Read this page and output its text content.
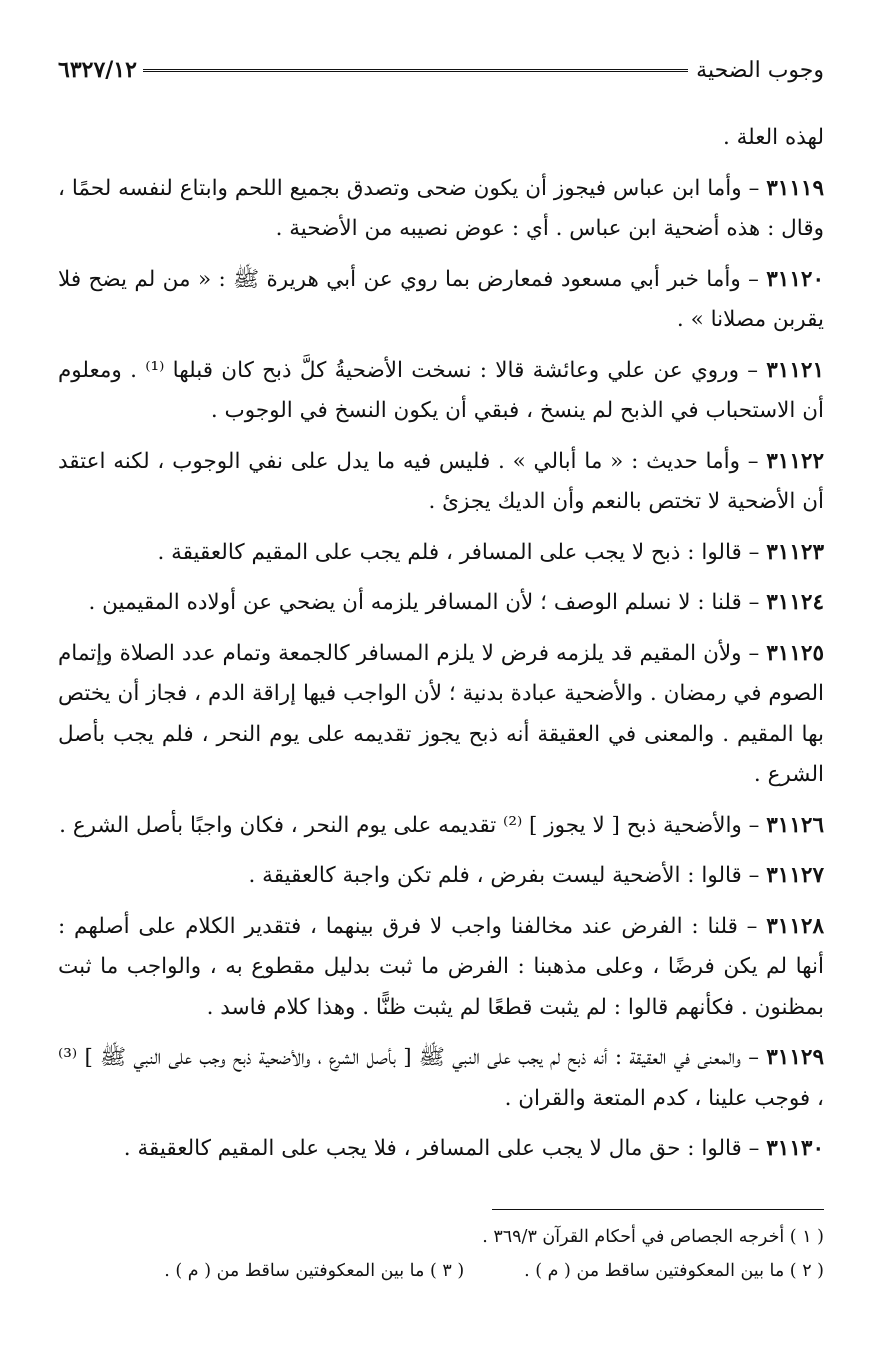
وجوب الضحية
٦٣٢٧/١٢

لهذه العلة .

٣١١١٩ – وأما ابن عباس فيجوز أن يكون ضحى وتصدق بجميع اللحم وابتاع لنفسه لحمًا ، وقال : هذه أضحية ابن عباس . أي : عوض نصيبه من الأضحية .

٣١١٢٠ – وأما خبر أبي مسعود فمعارض بما روي عن أبي هريرة ﷺ : « من لم يضح فلا يقربن مصلانا » .

٣١١٢١ – وروي عن علي وعائشة قالا : نسخت الأضحيةُ كلَّ ذبح كان قبلها ⁽¹⁾ . ومعلوم أن الاستحباب في الذبح لم ينسخ ، فبقي أن يكون النسخ في الوجوب .

٣١١٢٢ – وأما حديث : « ما أبالي » . فليس فيه ما يدل على نفي الوجوب ، لكنه اعتقد أن الأضحية لا تختص بالنعم وأن الديك يجزئ .

٣١١٢٣ – قالوا : ذبح لا يجب على المسافر ، فلم يجب على المقيم كالعقيقة .

٣١١٢٤ – قلنا : لا نسلم الوصف ؛ لأن المسافر يلزمه أن يضحي عن أولاده المقيمين .

٣١١٢٥ – ولأن المقيم قد يلزمه فرض لا يلزم المسافر كالجمعة وتمام عدد الصلاة وإتمام الصوم في رمضان . والأضحية عبادة بدنية ؛ لأن الواجب فيها إراقة الدم ، فجاز أن يختص بها المقيم . والمعنى في العقيقة أنه ذبح يجوز تقديمه على يوم النحر ، فلم يجب بأصل الشرع .

٣١١٢٦ – والأضحية ذبح [ لا يجوز ] ⁽²⁾ تقديمه على يوم النحر ، فكان واجبًا بأصل الشرع .

٣١١٢٧ – قالوا : الأضحية ليست بفرض ، فلم تكن واجبة كالعقيقة .

٣١١٢٨ – قلنا : الفرض عند مخالفنا واجب لا فرق بينهما ، فتقدير الكلام على أصلهم : أنها لم يكن فرضًا ، وعلى مذهبنا : الفرض ما ثبت بدليل مقطوع به ، والواجب ما ثبت بمظنون . فكأنهم قالوا : لم يثبت قطعًا لم يثبت ظنًّا . وهذا كلام فاسد .

٣١١٢٩ – والمعنى في العقيقة : أنه ذبح لم يجب على النبي ﷺ [ بأصل الشرع ، والأضحية ذبح وجب على النبي ﷺ ] ⁽³⁾ ، فوجب علينا ، كدم المتعة والقران .

٣١١٣٠ – قالوا : حق مال لا يجب على المسافر ، فلا يجب على المقيم كالعقيقة .

( ١ ) أخرجه الجصاص في أحكام القرآن ٣٦٩/٣ .
( ٢ ) ما بين المعكوفتين ساقط من ( م ) .
( ٣ ) ما بين المعكوفتين ساقط من ( م ) .
